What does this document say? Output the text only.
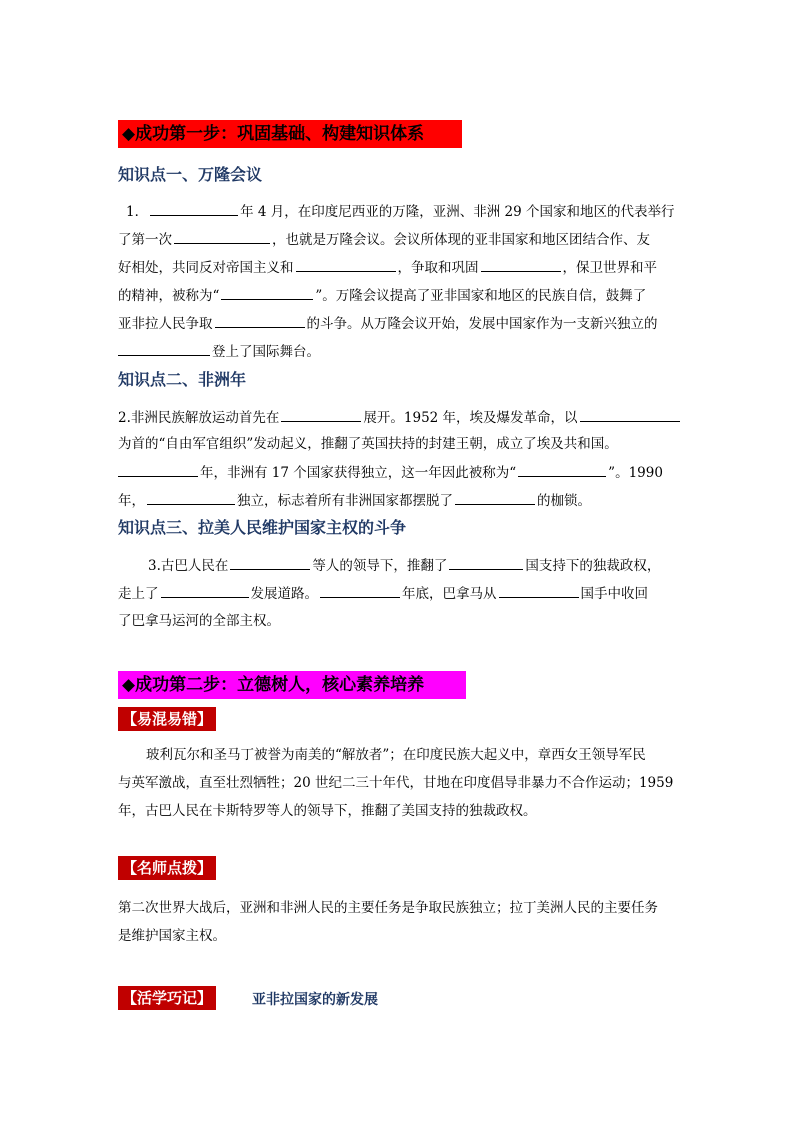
◆成功第一步：巩固基础、构建知识体系
知识点一、万隆会议
1．	年 4 月，在印度尼西亚的万隆，亚洲、非洲 29 个国家和地区的代表举行
了第一次	，也就是万隆会议。会议所体现的亚非国家和地区团结合作、友
好相处，共同反对帝国主义和	，争取和巩固	，保卫世界和平
的精神，被称为“	”。万隆会议提高了亚非国家和地区的民族自信，鼓舞了
亚非拉人民争取	的斗争。从万隆会议开始，发展中国家作为一支新兴独立的
登上了国际舞台。
知识点二、非洲年
2.非洲民族解放运动首先在	展开。1952 年，埃及爆发革命，以
为首的“自由军官组织”发动起义，推翻了英国扶持的封建王朝，成立了埃及共和国。
年，非洲有 17 个国家获得独立，这一年因此被称为“	”。1990
年，	独立，标志着所有非洲国家都摆脱了	的枷锁。
知识点三、拉美人民维护国家主权的斗争
3.古巴人民在	等人的领导下，推翻了	国支持下的独裁政权，
走上了	发展道路。	年底，巴拿马从	国手中收回
了巴拿马运河的全部主权。
◆成功第二步：立德树人，核心素养培养
【易混易错】
玻利瓦尔和圣马丁被誉为南美的“解放者”；在印度民族大起义中，章西女王领导军民
与英军激战，直至壮烈牺牲；20 世纪二三十年代，甘地在印度倡导非暴力不合作运动；1959
年，古巴人民在卡斯特罗等人的领导下，推翻了美国支持的独裁政权。
【名师点拨】
第二次世界大战后，亚洲和非洲人民的主要任务是争取民族独立；拉丁美洲人民的主要任务
是维护国家主权。
【活学巧记】	亚非拉国家的新发展
